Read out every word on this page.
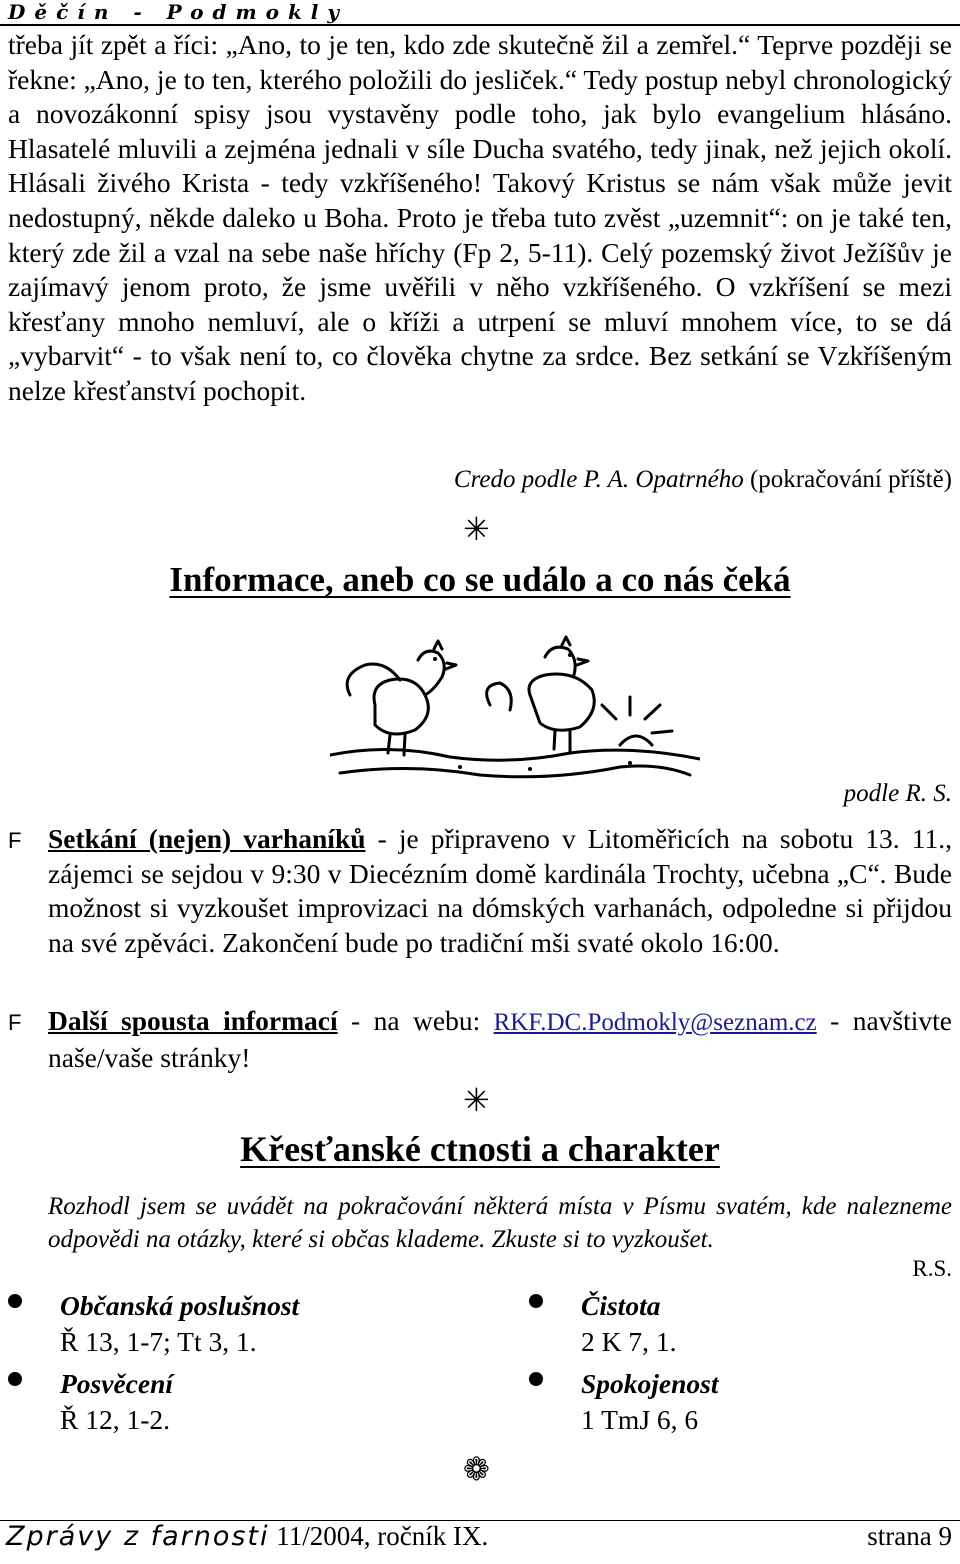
Děčín - Podmokly
třeba jít zpět a říci: „Ano, to je ten, kdo zde skutečně žil a zemřel.“ Teprve později se řekne: „Ano, je to ten, kterého položili do jesliček.“ Tedy postup nebyl chronologický a novozákonní spisy jsou vystavěny podle toho, jak bylo evangelium hlásáno. Hlasatelé mluvili a zejména jednali v síle Ducha svatého, tedy jinak, než jejich okolí. Hlásali živého Krista - tedy vzkříšeného! Takový Kristus se nám však může jevit nedostupný, někde daleko u Boha. Proto je třeba tuto zvěst „uzemnit“: on je také ten, který zde žil a vzal na sebe naše hříchy (Fp 2, 5-11). Celý pozemský život Ježíšův je zajímavý jenom proto, že jsme uvěřili v něho vzkříšeného. O vzkříšení se mezi křesťany mnoho nemluví, ale o kříži a utrpení se mluví mnohem více, to se dá „vybarvit“ - to však není to, co člověka chytne za srdce. Bez setkání se Vzkříšeným nelze křesťanství pochopit.
Credo podle P. A. Opatrného (pokračování příště)
✳
Informace, aneb co se událo a co nás čeká
podle R. S.
F Setkání (nejen) varhaníků - je připraveno v Litoměřicích na sobotu 13. 11., zájemci se sejdou v 9:30 v Diecézním domě kardinála Trochty, učebna „C“. Bude možnost si vyzkoušet improvizaci na dómských varhanách, odpoledne si přijdou na své zpěváci. Zakončení bude po tradiční mši svaté okolo 16:00.
F Další spousta informací - na webu: RKF.DC.Podmokly@seznam.cz - navštivte naše/vaše stránky!
✳
Křesťanské ctnosti a charakter
Rozhodl jsem se uvádět na pokračování některá místa v Písmu svatém, kde nalezneme odpovědi na otázky, které si občas klademe. Zkuste si to vyzkoušet.
R.S.
Občanská poslušnost
Ř 13, 1-7; Tt 3, 1.
Čistota
2 K 7, 1.
Posvěcení
Ř 12, 1-2.
Spokojenost
1 TmJ 6, 6
❁
Zprávy z farnosti 11/2004, ročník IX.	strana 9
